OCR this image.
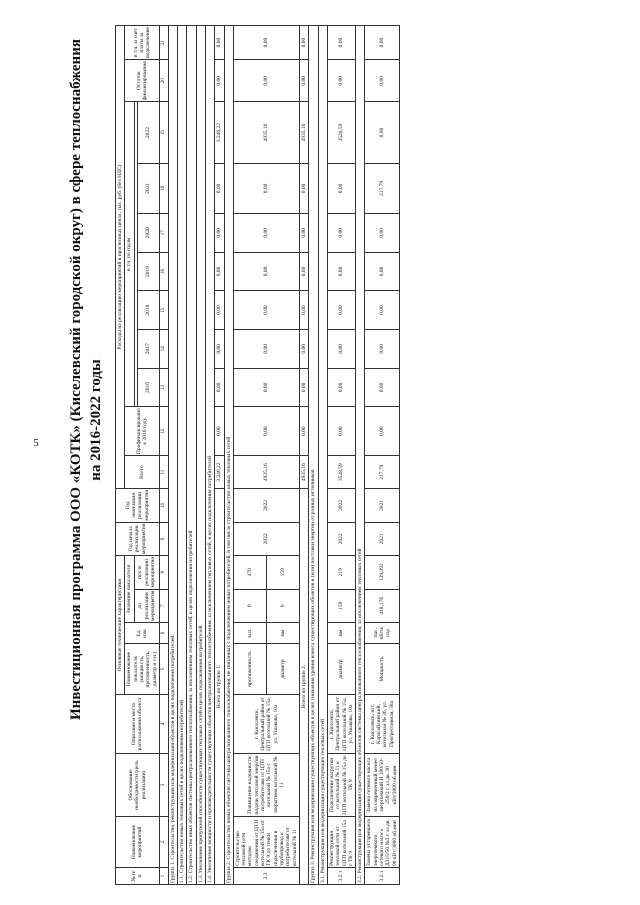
5 Инвестиционная программа ООО «КОТК» (Киселевский городской округ) в сфере теплоснабжения на 2016-2022 годы
№ п/п	Наименование мероприятий	Обоснование необходимости (цель реализации)	Описание и место расположения объекта	Основные технические характеристики				Год начала реализации мероприятия	Год окончания реализации мероприятия	Расходы на реализацию мероприятий в прогнозных ценах, тыс. руб. (без НДС)										
				Наименование показателя (мощность, протяженность, диаметр и т.п.)	Ед. изм.	Значение показателя				Всего	Профинансировано к 2016 году	в т.ч. по годам							Остаток финансирования	в т.ч. за счет платы за подключение
						до реализации мероприятия	после реализации мероприятия													
												2016	2017	2018	2019	2020	2021	2022		
1	2	3	4	5	6	7	8	9	10	11	12	13	14	15	16	17	18	19	20	21
Группа 1. Строительство, реконструкция или модернизация объектов в целях подключения потребителей:																				
1.1. Строительство новых тепловых сетей в целях подключения потребителей																				
1.2. Строительство иных объектов системы централизованного теплоснабжения, за исключением тепловых сетей, в целях подключения потребителей																				
1.3. Увеличение пропускной способности существующих тепловых сетей в целях подключения потребителей																				
1.4. Увеличение мощности и производительности существующих объектов централизованного теплоснабжения, за исключением тепловых сетей, в целях подключения потребителей																				
Всего по группе 1.										3 246,22	0,00	0,00	0,00	0,00	0,00	0,00	0,00	3 246,22	0,00	0,00
Группа 2. Строительство новых объектов системы централизованного теплоснабжения, не связанных с подключением новых потребителей, в том числе строительство новых тепловых сетей																				
2.3	Строительство тепловой сети методом соединения от ЦТП котельной № 15а от ТК 9 до точки подключения в трубопровод к потребителям от котельной № 11	Повышение надежности подачи тепловой энергии потребителям от ЦТП котельной № 15а с закрытием котельной № 11	г. Киселевск, Центральный район от ЦТП котельной № 15а, ул. Ушакова, 10а	протяженность	м.п.	0	470	2022	2022	4935,16	0,00	0,00	0,00	0,00	0,00	0,00	0,00	4935,16	0,00	0,00
				диаметр	мм	0	159													
Всего по группе 2.										4935,16	0,00	0,00	0,00	0,00	0,00	0,00	0,00	4935,16	0,00	0,00
Группа 3. Реконструкция или модернизация существующих объектов в целях снижения уровня износа существующих объектов и (или) поставки энергии от разных источников																				
3.1. Реконструкция или модернизация существующих тепловых сетей																				
3.2.1	Реконструкция тепловой сети от ЦТП котельной 15а с ТК 9	Подключение нагрузки от котельной № 11 к ЦТП котельной № 15а до ТК 9	г. Киселевск, Центральный район от ЦТП котельной № 15а, ул. Ушакова, 10а	диаметр	мм	159	219	2022	2022	3528,59	0,00	0,00	0,00	0,00	0,00	0,00	0,00	3528,59	0,00	0,00
3.2. Реконструкция или модернизация существующих объектов системы централизованного теплоснабжения, за исключением тепловых сетей																				
3.2.1	Замена устаревшего энергоемкого сетевого насоса Д315/50 №3 с эл.дв. 90 кВт/3000 об.мин	Замена сетевого насоса на современный менее энергоемкий Н 100/50-250/2 с эл.дв. 30 кВт/3000 об.мин	г. Киселевск, пгт. Карагайлинский, котельная № 36, ул. Прогрессивная, 38а	Мощность	тыс. кВтч/год	418,176	139,392	2021	2021	217,79	0,00	0,00	0,00	0,00	0,00	0,00	217,79	0,00	0,00	0,00
